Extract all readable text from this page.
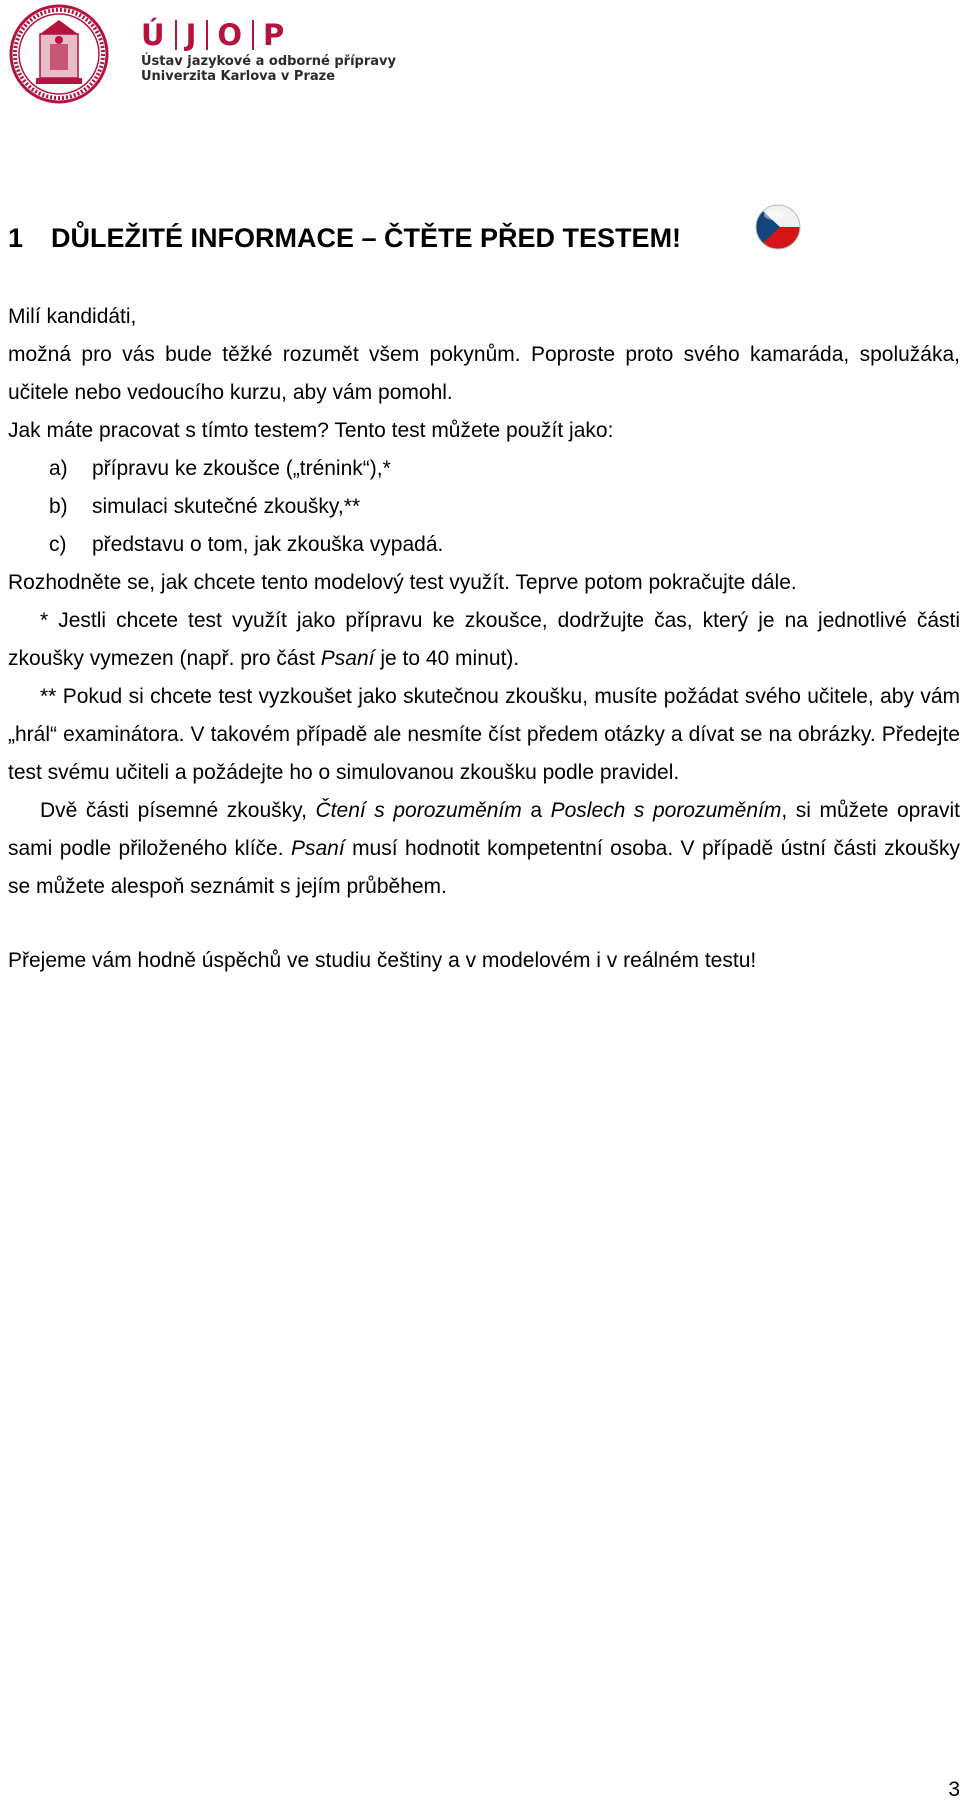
Ú J O P
Ústav jazykové a odborné přípravy
Univerzita Karlova v Praze
1 DŮLEŽITÉ INFORMACE – ČTĚTE PŘED TESTEM!

Milí kandidáti,

možná pro vás bude těžké rozumět všem pokynům. Poproste proto svého kamaráda, spolužáka, učitele nebo vedoucího kurzu, aby vám pomohl.

Jak máte pracovat s tímto testem? Tento test můžete použít jako:

a) přípravu ke zkoušce („trénink“),*
b) simulaci skutečné zkoušky,**
c) představu o tom, jak zkouška vypadá.

Rozhodněte se, jak chcete tento modelový test využít. Teprve potom pokračujte dále.

* Jestli chcete test využít jako přípravu ke zkoušce, dodržujte čas, který je na jednotlivé části zkoušky vymezen (např. pro část Psaní je to 40 minut).

** Pokud si chcete test vyzkoušet jako skutečnou zkoušku, musíte požádat svého učitele, aby vám „hrál“ examinátora. V takovém případě ale nesmíte číst předem otázky a dívat se na obrázky. Předejte test svému učiteli a požádejte ho o simulovanou zkoušku podle pravidel.

Dvě části písemné zkoušky, Čtení s porozuměním a Poslech s porozuměním, si můžete opravit sami podle přiloženého klíče. Psaní musí hodnotit kompetentní osoba. V případě ústní části zkoušky se můžete alespoň seznámit s jejím průběhem.

Přejeme vám hodně úspěchů ve studiu češtiny a v modelovém i v reálném testu!

3
